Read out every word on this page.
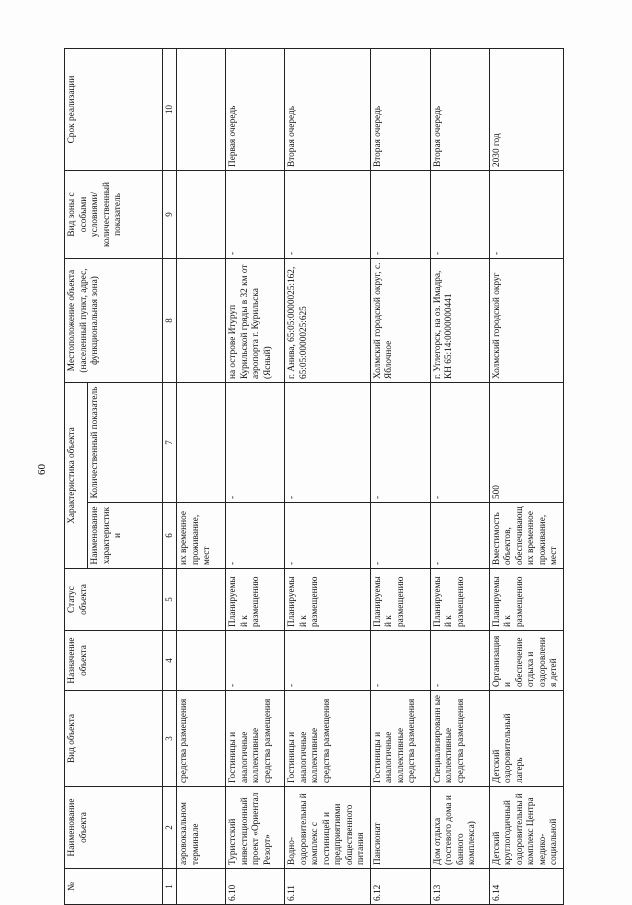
60
№	Наименование объекта	Вид объекта	Назначение объекта	Статус объекта	Характеристика объекта		Местоположение объекта (населенный пункт, адрес, функциональная зона)	Вид зоны с особыми условиями/ количественный показатель	Срок реализации
					Наименование характеристик и	Количественный показатель			
1	2	3	4	5	6	7	8	9	10
	аэровокзальном терминале	средства размещения			их временное проживание, мест				
6.10	Туристский инвестиционный проект «Ориентал Резорт»	Гостиницы и аналогичные коллективные средства размещения	-	Планируемы й к размещению	-	-	на острове Итуруп Курильской гряды в 32 км от аэропорта г. Курильска (Ясный)	-	Первая очередь
6.11	Водно-оздоровительны й комплекс с гостиницей и предприятиями общественного питания	Гостиницы и аналогичные коллективные средства размещения	-	Планируемы й к размещению	-	-	г. Анива, 65:05:0000025:162, 65:05:0000025:625	-	Вторая очередь
6.12	Пансионат	Гостиницы и аналогичные коллективные средства размещения	-	Планируемы й к размещению	-	-	Холмский городской округ, с. Яблочное	-	Вторая очередь
6.13	Дом отдыха (гостевого дома и банного комплекса)	Специализированн ые коллективные средства размещения	-	Планируемы й к размещению	-	-	г. Углегорск, на оз. Имадра, КН 65:14:0000000441	-	Вторая очередь
6.14	Детский круглогодичный оздоровительны й комплекс Центра медико-социальной	Детский оздоровительный лагерь	Организация и обеспечение отдыха и оздоровления детей	Планируемы й к размещению	Вместимость объектов, обеспечивающ их временное проживание, мест	500	Холмский городской округ	-	2030 год
